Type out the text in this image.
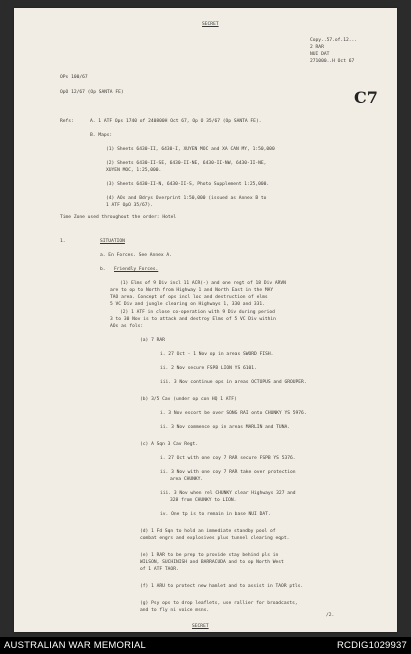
SECRET
Copy..57.of.12...
2 RAR
NUI DAT
271000..H Oct 67
C7
OPs 100/67
OpO 12/67 (Op SANTA FE)
Refs:	A. 1 ATF Ops 1740 of 240800H Oct 67, Op O 35/67 (Op SANTA FE).
B. Maps:
(1) Sheets 6430-II, 6430-I, XUYEN MOC and XA CAN MY, 1:50,000
(2) Sheets 6430-II-SE, 6430-II-NE, 6430-II-NW, 6430-II-NE,
XUYEN MOC, 1:25,000.
(3) Sheets 6430-II-N, 6430-II-S, Photo Supplement 1:25,000.
(4) AOs and Bdrys Overprint 1:50,000 (issued as Annex B to
1 ATF OpO 35/67).
Time Zone used throughout the order: Hotel
1.	SITUATION
a. En Forces. See Annex A.
b. Friendly Forces.
(1) Elms of 9 Div incl 11 ACR(-) and one regt of 18 Div ARVN
are to op to North from Highway 1 and North East in the MAY
TAO area. Concept of ops incl loc and destruction of elms
5 VC Div and jungle clearing on Highways 1, 330 and 331.
(2) 1 ATF in close co-operation with 9 Div during period
3 to 30 Nov is to attack and destroy Elms of 5 VC Div within
AOs as fols:
(a) 7 RAR
i. 27 Oct - 1 Nov op in areas SWORD FISH.
ii. 2 Nov secure FSPB LION YS 6101.
iii. 3 Nov continue ops in areas OCTOPUS and GROUPER.
(b) 3/5 Cav (under op con HQ 1 ATF)
i. 3 Nov escort be over SONG RAI onto CHUNKY YS 5976.
ii. 3 Nov commence op in areas MARLIN and TUNA.
(c) A Sqn 3 Cav Regt.
i. 27 Oct with one coy 7 RAR secure FSPB YS 5376.
ii. 3 Nov with one coy 7 RAR take over protection
area CHUNKY.
iii. 3 Nov when rel CHUNKY clear Highways 327 and
328 from CHUNKY to LION.
iv. One tp is to remain in base NUI DAT.
(d) 1 Fd Sqn to hold an immediate standby pool of
combat engrs and explosives plus tunnel clearing eqpt.
(e) 1 RAR to be prep to provide stay behind pls in
WILSON, SUCHINISH and BARRACUDA and to op North West
of 1 ATF TAOR.
(f) 1 ARU to protect new hamlet and to assist in TAOR ptls.
(g) Psy ops to drop leaflets, use rallier for broadcasts,
and to fly ni voice msns.
/2.
SECRET
AUSTRALIAN WAR MEMORIAL	RCDIG1029937
